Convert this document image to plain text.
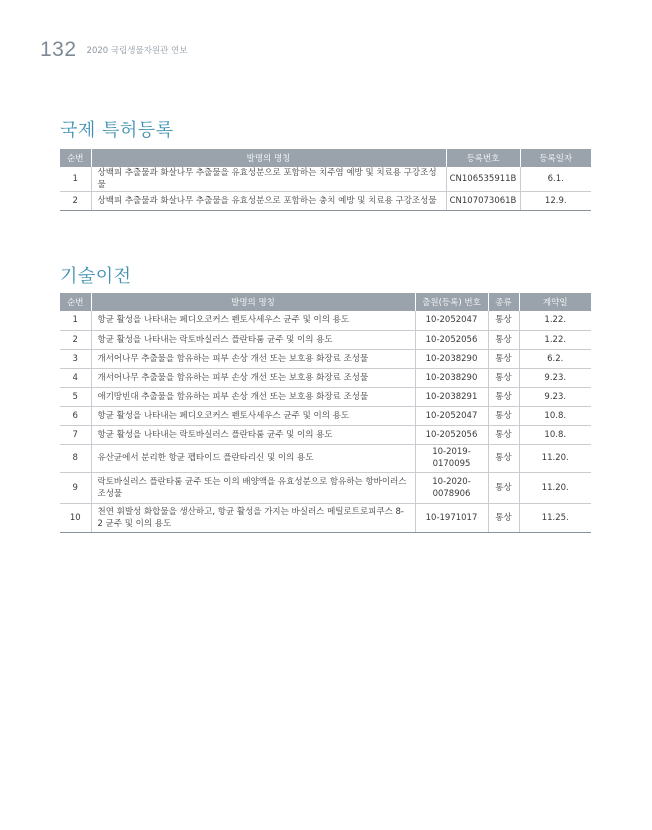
132 2020 국립생물자원관 연보
국제 특허등록
순번	발명의 명칭	등록번호	등록일자
1	상백피 추출물과 화살나무 추출물을 유효성분으로 포함하는 치주염 예방 및 치료용 구강조성물	CN106535911B	6.1.
2	상백피 추출물과 화살나무 추출물을 유효성분으로 포함하는 충치 예방 및 치료용 구강조성물	CN107073061B	12.9.
기술이전
순번	발명의 명칭	출원(등록) 번호	종류	계약일
1	항균 활성을 나타내는 페디오코커스 펜토사세우스 균주 및 이의 용도	10-2052047	통상	1.22.
2	항균 활성을 나타내는 락토바실러스 플란타룸 균주 및 이의 용도	10-2052056	통상	1.22.
3	개서어나무 추출물을 함유하는 피부 손상 개선 또는 보호용 화장료 조성물	10-2038290	통상	6.2.
4	개서어나무 추출물을 함유하는 피부 손상 개선 또는 보호용 화장료 조성물	10-2038290	통상	9.23.
5	애기땅빈대 추출물을 함유하는 피부 손상 개선 또는 보호용 화장료 조성물	10-2038291	통상	9.23.
6	항균 활성을 나타내는 페디오코커스 펜토사세우스 균주 및 이의 용도	10-2052047	통상	10.8.
7	항균 활성을 나타내는 락토바실러스 플란타룸 균주 및 이의 용도	10-2052056	통상	10.8.
8	유산균에서 분리한 항균 펩타이드 플란타리신 및 이의 용도	10-2019-0170095	통상	11.20.
9	락토바실러스 플란타룸 균주 또는 이의 배양액을 유효성분으로 함유하는 항바이러스 조성물	10-2020-0078906	통상	11.20.
10	천연 휘발성 화합물을 생산하고, 항균 활성을 가지는 바실러스 메틸로트로피쿠스 8-2 균주 및 이의 용도	10-1971017	통상	11.25.
